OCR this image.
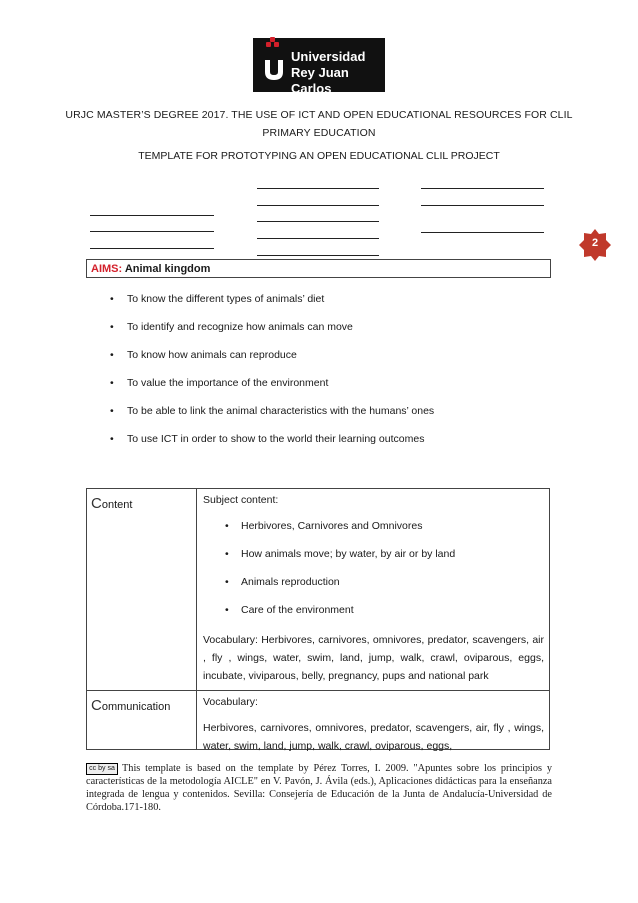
Universidad
Rey Juan Carlos
URJC MASTER’S DEGREE 2017. THE USE OF ICT AND OPEN EDUCATIONAL RESOURCES FOR CLIL PRIMARY EDUCATION
TEMPLATE FOR PROTOTYPING AN OPEN EDUCATIONAL CLIL PROJECT
2
AIMS: Animal kingdom
• To know the different types of animals’ diet
• To identify and recognize how animals can move
• To know how animals can reproduce
• To value the importance of the environment
• To be able to link the animal characteristics with the humans’ ones
• To use ICT in order to show to the world their learning outcomes
Content	Subject content:
• Herbivores, Carnivores and Omnivores
• How animals move; by water, by air or by land
• Animals reproduction
• Care of the environment
Vocabulary: Herbivores, carnivores, omnivores, predator, scavengers, air , fly , wings, water, swim, land, jump, walk, crawl, oviparous, eggs, incubate, viviparous, belly, pregnancy, pups and national park
Communication	Vocabulary:
Herbivores, carnivores, omnivores, predator, scavengers, air, fly , wings, water, swim, land, jump, walk, crawl, oviparous, eggs,
cc by sa This template is based on the template by Pérez Torres, I. 2009. "Apuntes sobre los principios y características de la metodología AICLE" en V. Pavón, J. Ávila (eds.), Aplicaciones didácticas para la enseñanza integrada de lengua y contenidos. Sevilla: Consejería de Educación de la Junta de Andalucía-Universidad de Córdoba.171-180.
